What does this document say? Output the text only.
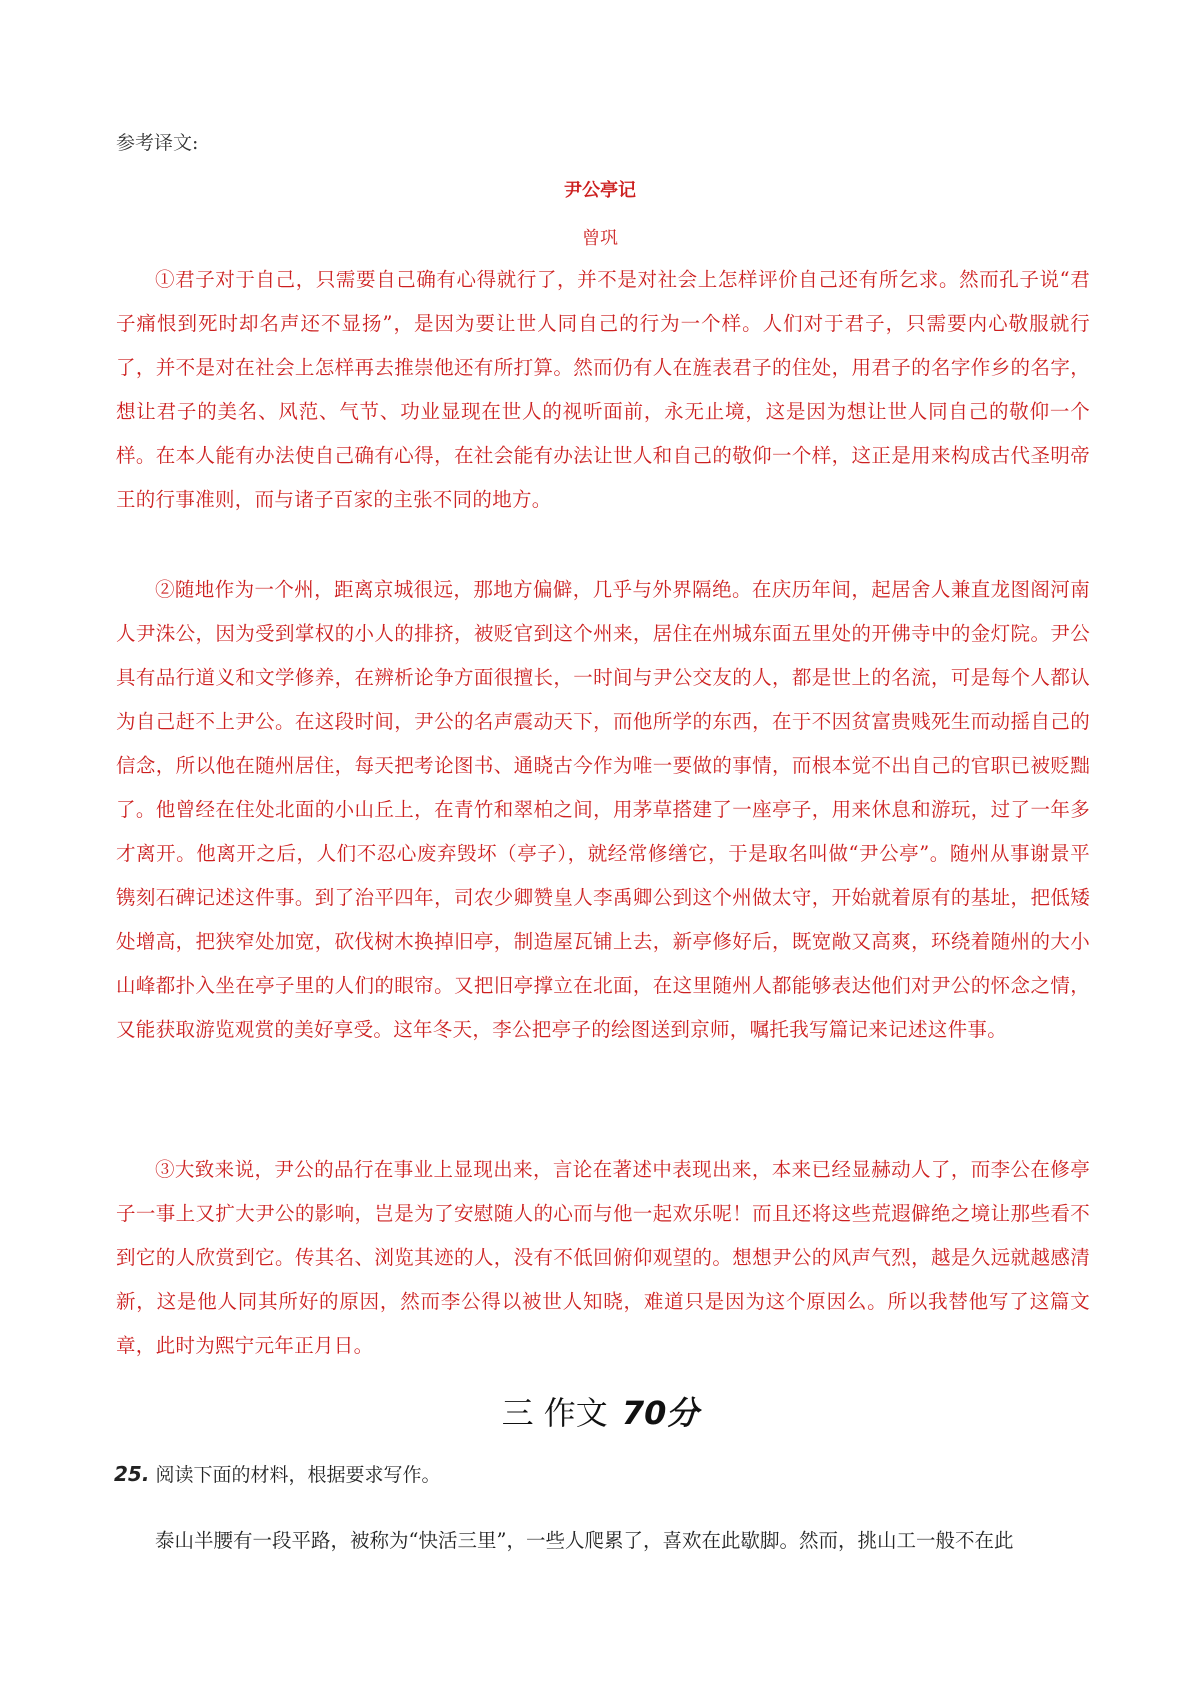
参考译文:
尹公亭记
曾巩

①君子对于自己，只需要自己确有心得就行了，并不是对社会上怎样评价自己还有所乞求。然而孔子说“君子痛恨到死时却名声还不显扬”，是因为要让世人同自己的行为一个样。人们对于君子，只需要内心敬服就行了，并不是对在社会上怎样再去推崇他还有所打算。然而仍有人在旌表君子的住处，用君子的名字作乡的名字，想让君子的美名、风范、气节、功业显现在世人的视听面前，永无止境，这是因为想让世人同自己的敬仰一个样。在本人能有办法使自己确有心得，在社会能有办法让世人和自己的敬仰一个样，这正是用来构成古代圣明帝王的行事准则，而与诸子百家的主张不同的地方。

②随地作为一个州，距离京城很远，那地方偏僻，几乎与外界隔绝。在庆历年间，起居舍人兼直龙图阁河南人尹洙公，因为受到掌权的小人的排挤，被贬官到这个州来，居住在州城东面五里处的开佛寺中的金灯院。尹公具有品行道义和文学修养，在辨析论争方面很擅长，一时间与尹公交友的人，都是世上的名流，可是每个人都认为自己赶不上尹公。在这段时间，尹公的名声震动天下，而他所学的东西，在于不因贫富贵贱死生而动摇自己的信念，所以他在随州居住，每天把考论图书、通晓古今作为唯一要做的事情，而根本觉不出自己的官职已被贬黜了。他曾经在住处北面的小山丘上，在青竹和翠柏之间，用茅草搭建了一座亭子，用来休息和游玩，过了一年多才离开。他离开之后，人们不忍心废弃毁坏（亭子），就经常修缮它，于是取名叫做“尹公亭”。随州从事谢景平镌刻石碑记述这件事。到了治平四年，司农少卿赞皇人李禹卿公到这个州做太守，开始就着原有的基址，把低矮处增高，把狭窄处加宽，砍伐树木换掉旧亭，制造屋瓦铺上去，新亭修好后，既宽敞又高爽，环绕着随州的大小山峰都扑入坐在亭子里的人们的眼帘。又把旧亭撑立在北面，在这里随州人都能够表达他们对尹公的怀念之情，又能获取游览观赏的美好享受。这年冬天，李公把亭子的绘图送到京师，嘱托我写篇记来记述这件事。

③大致来说，尹公的品行在事业上显现出来，言论在著述中表现出来，本来已经显赫动人了，而李公在修亭子一事上又扩大尹公的影响，岂是为了安慰随人的心而与他一起欢乐呢！而且还将这些荒遐僻绝之境让那些看不到它的人欣赏到它。传其名、浏览其迹的人，没有不低回俯仰观望的。想想尹公的风声气烈，越是久远就越感清新，这是他人同其所好的原因，然而李公得以被世人知晓，难道只是因为这个原因么。所以我替他写了这篇文章，此时为熙宁元年正月日。

三 作文 70分
25. 阅读下面的材料，根据要求写作。

泰山半腰有一段平路，被称为“快活三里”，一些人爬累了，喜欢在此歇脚。然而，挑山工一般不在此
